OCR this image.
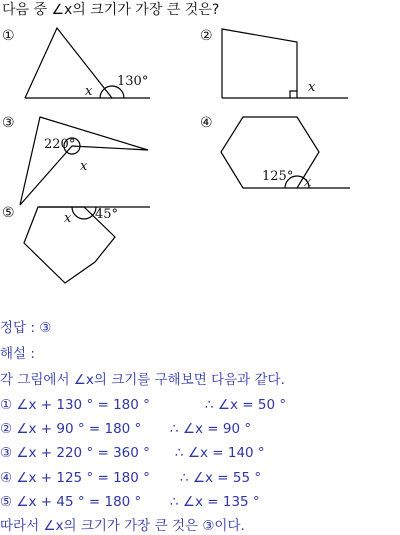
다음 중 ∠x의 크기가 가장 큰 것은?
①
x
130°
②
x
③
220°
x
④
125° x
⑤	x 45°
정답 : ③
해설 :
각 그림에서 ∠x의 크기를 구해보면 다음과 같다.
① ∠x + 130 ° = 180 °	∴ ∠x = 50 °
② ∠x + 90 ° = 180 ° ∴ ∠x = 90 °
③ ∠x + 220 ° = 360 ° ∴ ∠x = 140 °
④ ∠x + 125 ° = 180 ° ∴ ∠x = 55 °
⑤ ∠x + 45 ° = 180 ° ∴ ∠x = 135 °
따라서 ∠x의 크기가 가장 큰 것은 ③이다.
